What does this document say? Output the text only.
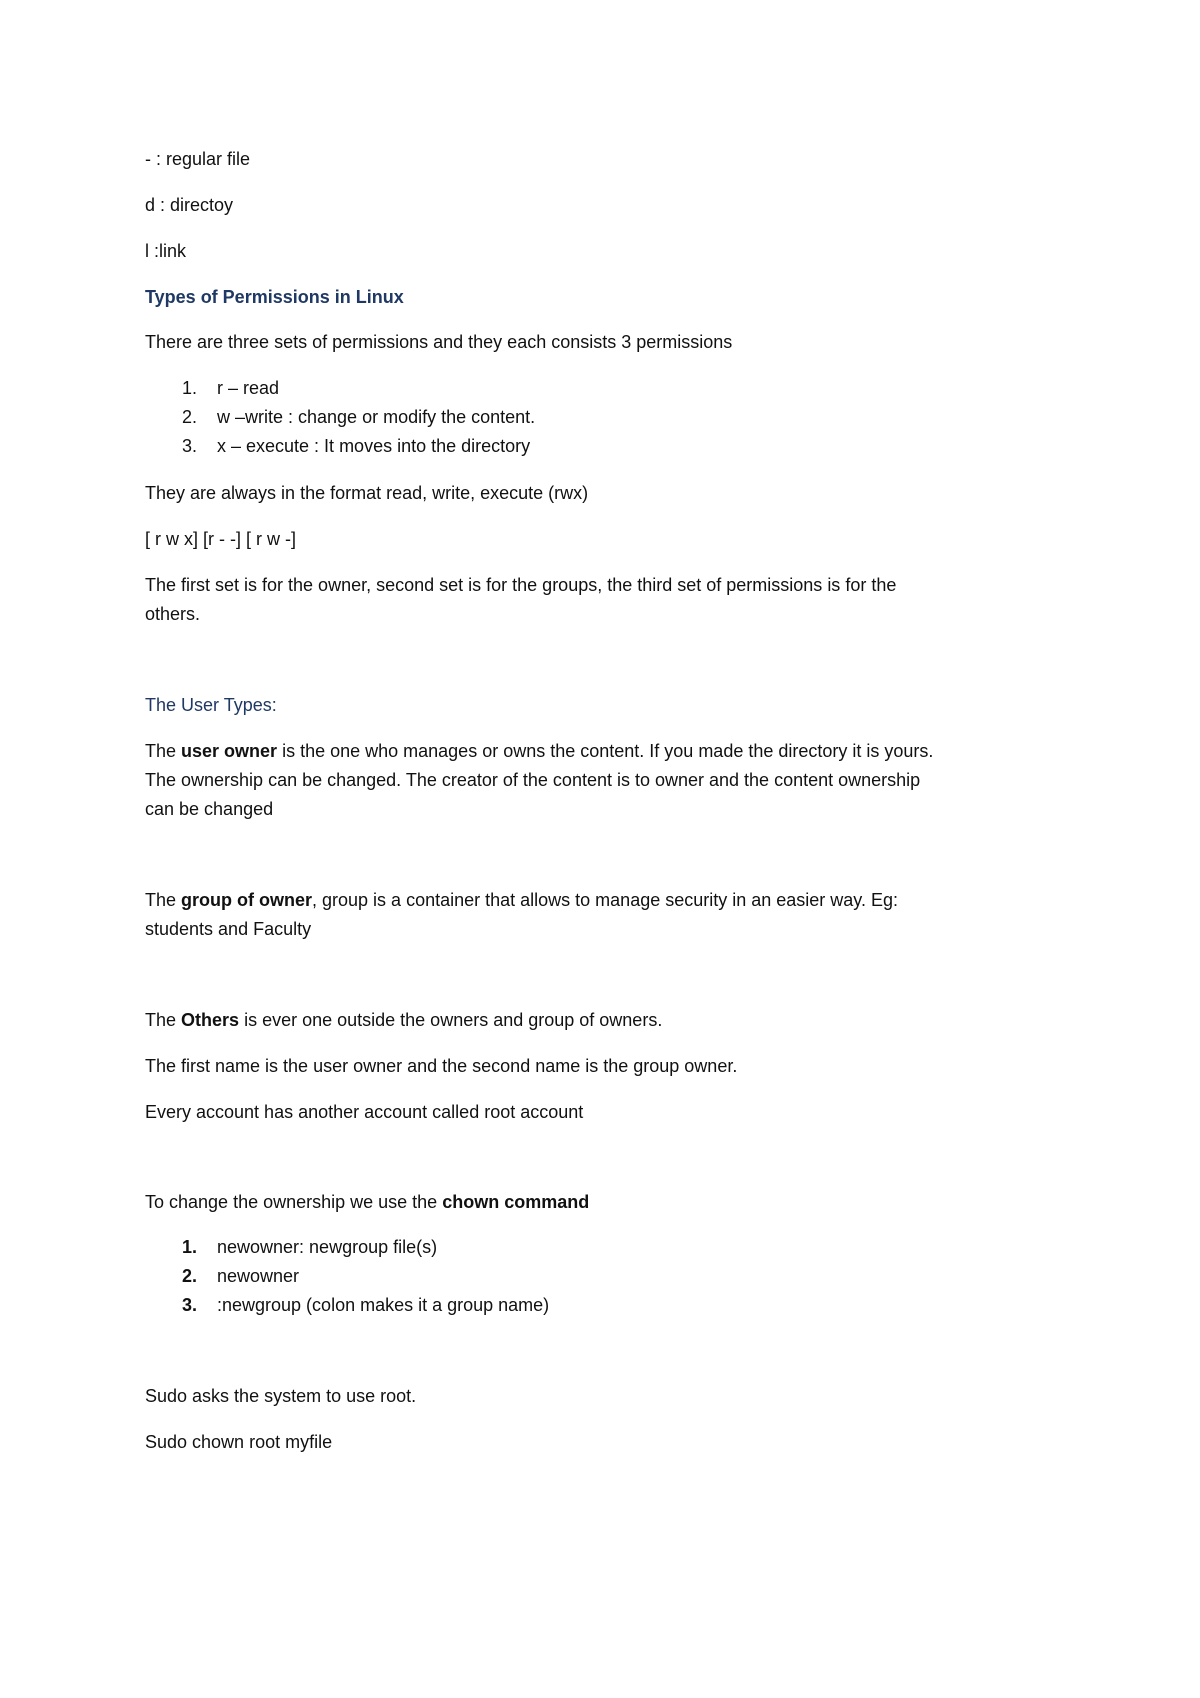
- : regular file
d : directoy
l :link
Types of Permissions in Linux
There are three sets of permissions and they each consists 3 permissions
1.	r – read
2.	w –write : change or modify the content.
3.	x – execute : It moves into the directory
They are always in the format read, write, execute (rwx)
[ r w x] [r - -] [ r w -]
The first set is for the owner, second set is for the groups, the third set of permissions is for the
others.
The User Types:
The user owner is the one who manages or owns the content. If you made the directory it is yours.
The ownership can be changed. The creator of the content is to owner and the content ownership
can be changed
The group of owner, group is a container that allows to manage security in an easier way. Eg:
students and Faculty
The Others is ever one outside the owners and group of owners.
The first name is the user owner and the second name is the group owner.
Every account has another account called root account
To change the ownership we use the chown command
1.	newowner: newgroup file(s)
2.	newowner
3.	:newgroup (colon makes it a group name)
Sudo asks the system to use root.
Sudo chown root myfile
